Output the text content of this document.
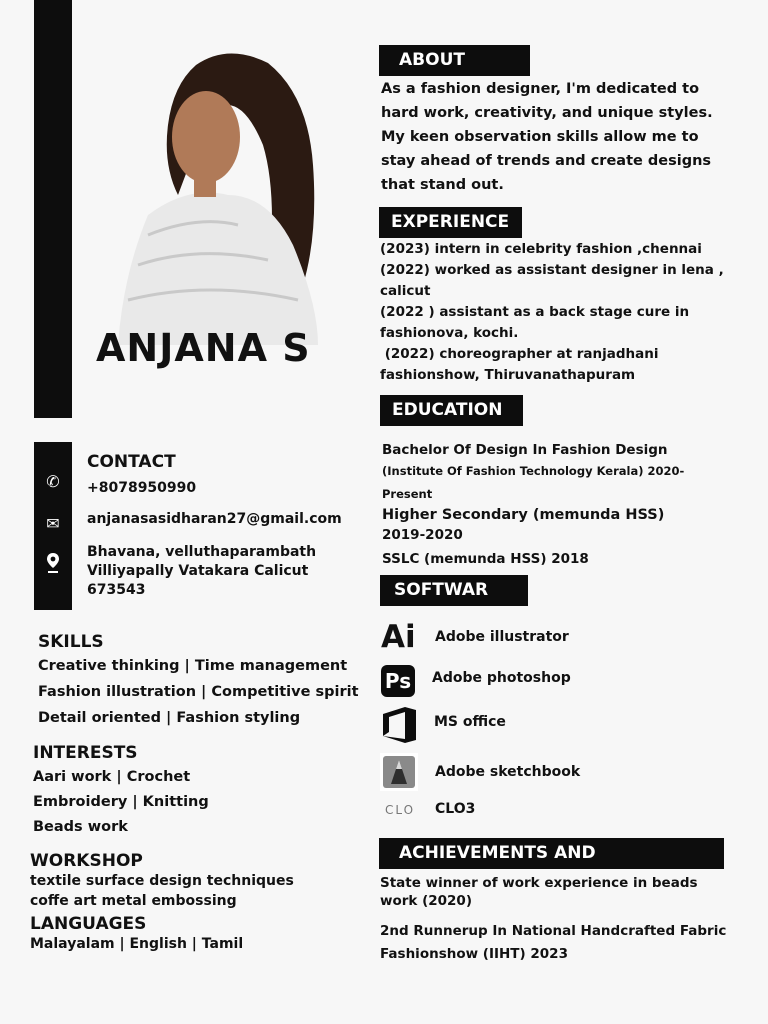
ANJANA S
✆
✉
CONTACT
+8078950990
anjanasasidharan27@gmail.com
Bhavana, velluthaparambath
Villiyapally Vatakara Calicut
673543
SKILLS
Creative thinking | Time management
Fashion illustration | Competitive spirit
Detail oriented | Fashion styling
INTERESTS
Aari work | Crochet
Embroidery | Knitting
Beads work
WORKSHOP
textile surface design techniques
coffe art metal embossing
LANGUAGES
Malayalam | English | Tamil
ABOUT
As a fashion designer, I'm dedicated to
hard work, creativity, and unique styles.
My keen observation skills allow me to
stay ahead of trends and create designs
that stand out.
EXPERIENCE
(2023) intern in celebrity fashion ,chennai
(2022) worked as assistant designer in lena ,
calicut
(2022 ) assistant as a back stage cure in
fashionova, kochi.
(2022) choreographer at ranjadhani
fashionshow, Thiruvanathapuram
EDUCATION
Bachelor Of Design In Fashion Design
(Institute Of Fashion Technology Kerala) 2020-
Present
Higher Secondary (memunda HSS)
2019-2020
SSLC (memunda HSS) 2018
SOFTWAR
Ai Adobe illustrator
Ps Adobe photoshop
MS office
Adobe sketchbook
CLO CLO3
ACHIEVEMENTS AND
State winner of work experience in beads
work (2020)
2nd Runnerup In National Handcrafted Fabric
Fashionshow (IIHT) 2023
